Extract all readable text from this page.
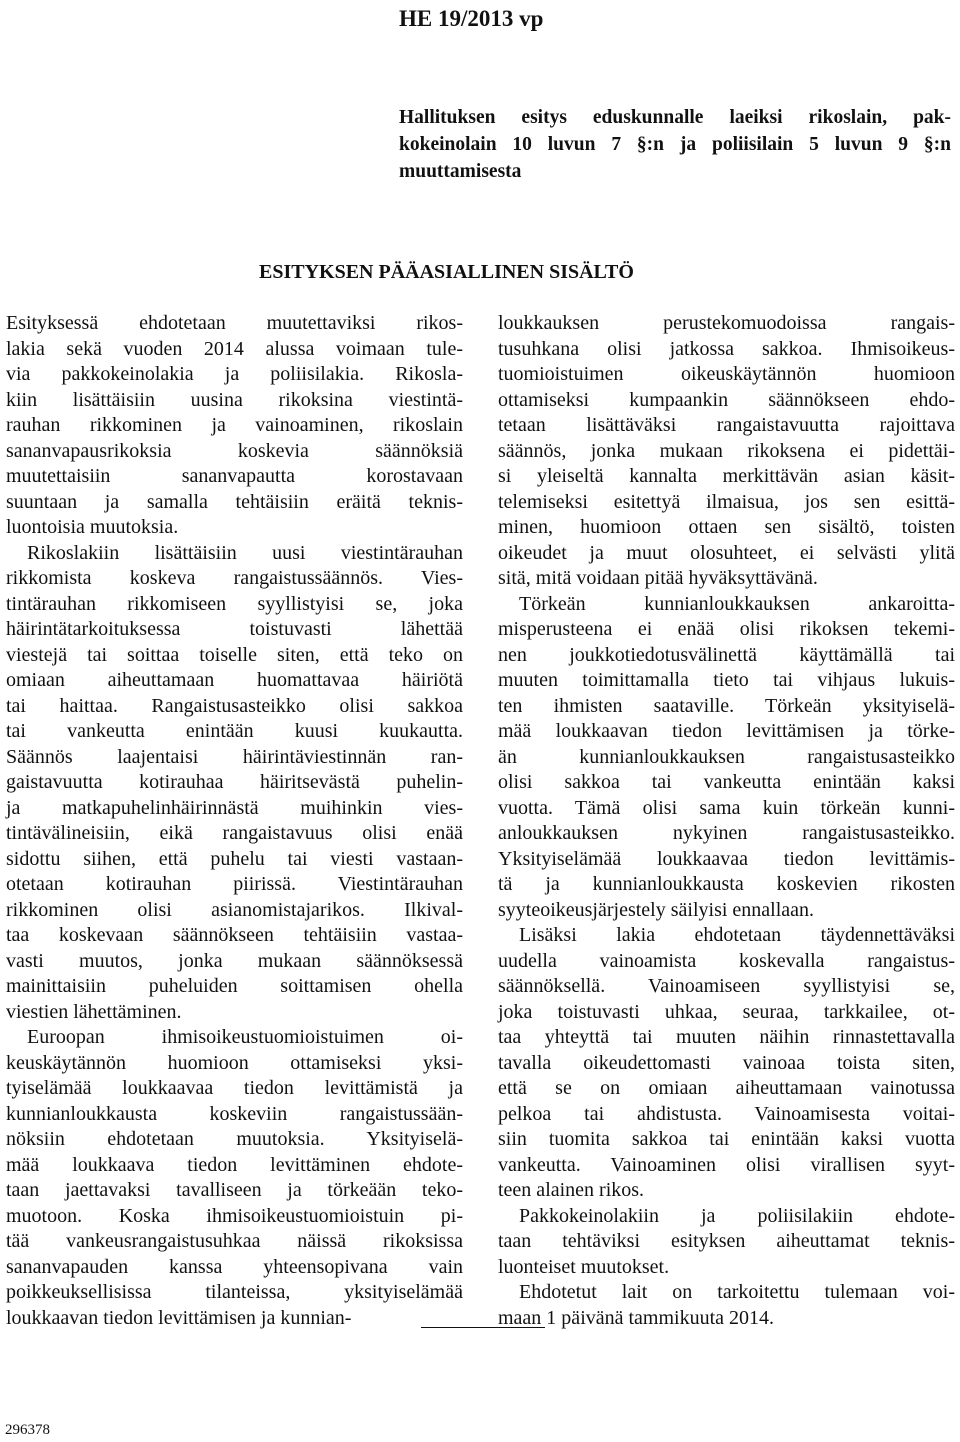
HE 19/2013 vp
Hallituksen esitys eduskunnalle laeiksi rikoslain, pak-
kokeinolain 10 luvun 7 §:n ja poliisilain 5 luvun 9 §:n
muuttamisesta
ESITYKSEN PÄÄASIALLINEN SISÄLTÖ
Esityksessä ehdotetaan muutettaviksi rikos-
lakia sekä vuoden 2014 alussa voimaan tule-
via pakkokeinolakia ja poliisilakia. Rikosla-
kiin lisättäisiin uusina rikoksina viestintä-
rauhan rikkominen ja vainoaminen, rikoslain
sananvapausrikoksia koskevia säännöksiä
muutettaisiin sananvapautta korostavaan
suuntaan ja samalla tehtäisiin eräitä teknis-
luontoisia muutoksia.
Rikoslakiin lisättäisiin uusi viestintärauhan
rikkomista koskeva rangaistussäännös. Vies-
tintärauhan rikkomiseen syyllistyisi se, joka
häirintätarkoituksessa toistuvasti lähettää
viestejä tai soittaa toiselle siten, että teko on
omiaan aiheuttamaan huomattavaa häiriötä
tai haittaa. Rangaistusasteikko olisi sakkoa
tai vankeutta enintään kuusi kuukautta.
Säännös laajentaisi häirintäviestinnän ran-
gaistavuutta kotirauhaa häiritsevästä puhelin-
ja matkapuhelinhäirinnästä muihinkin vies-
tintävälineisiin, eikä rangaistavuus olisi enää
sidottu siihen, että puhelu tai viesti vastaan-
otetaan kotirauhan piirissä. Viestintärauhan
rikkominen olisi asianomistajarikos. Ilkival-
taa koskevaan säännökseen tehtäisiin vastaa-
vasti muutos, jonka mukaan säännöksessä
mainittaisiin puheluiden soittamisen ohella
viestien lähettäminen.
Euroopan ihmisoikeustuomioistuimen oi-
keuskäytännön huomioon ottamiseksi yksi-
tyiselämää loukkaavaa tiedon levittämistä ja
kunnianloukkausta koskeviin rangaistussään-
nöksiin ehdotetaan muutoksia. Yksityiselä-
mää loukkaava tiedon levittäminen ehdote-
taan jaettavaksi tavalliseen ja törkeään teko-
muotoon. Koska ihmisoikeustuomioistuin pi-
tää vankeusrangaistusuhkaa näissä rikoksissa
sananvapauden kanssa yhteensopivana vain
poikkeuksellisissa tilanteissa, yksityiselämää
loukkaavan tiedon levittämisen ja kunnian-
loukkauksen perustekomuodoissa rangais-
tusuhkana olisi jatkossa sakkoa. Ihmisoikeus-
tuomioistuimen oikeuskäytännön huomioon
ottamiseksi kumpaankin säännökseen ehdo-
tetaan lisättäväksi rangaistavuutta rajoittava
säännös, jonka mukaan rikoksena ei pidettäi-
si yleiseltä kannalta merkittävän asian käsit-
telemiseksi esitettyä ilmaisua, jos sen esittä-
minen, huomioon ottaen sen sisältö, toisten
oikeudet ja muut olosuhteet, ei selvästi ylitä
sitä, mitä voidaan pitää hyväksyttävänä.
Törkeän kunnianloukkauksen ankaroitta-
misperusteena ei enää olisi rikoksen tekemi-
nen joukkotiedotusvälinettä käyttämällä tai
muuten toimittamalla tieto tai vihjaus lukuis-
ten ihmisten saataville. Törkeän yksityiselä-
mää loukkaavan tiedon levittämisen ja törke-
än kunnianloukkauksen rangaistusasteikko
olisi sakkoa tai vankeutta enintään kaksi
vuotta. Tämä olisi sama kuin törkeän kunni-
anloukkauksen nykyinen rangaistusasteikko.
Yksityiselämää loukkaavaa tiedon levittämis-
tä ja kunnianloukkausta koskevien rikosten
syyteoikeusjärjestely säilyisi ennallaan.
Lisäksi lakia ehdotetaan täydennettäväksi
uudella vainoamista koskevalla rangaistus-
säännöksellä. Vainoamiseen syyllistyisi se,
joka toistuvasti uhkaa, seuraa, tarkkailee, ot-
taa yhteyttä tai muuten näihin rinnastettavalla
tavalla oikeudettomasti vainoaa toista siten,
että se on omiaan aiheuttamaan vainotussa
pelkoa tai ahdistusta. Vainoamisesta voitai-
siin tuomita sakkoa tai enintään kaksi vuotta
vankeutta. Vainoaminen olisi virallisen syyt-
teen alainen rikos.
Pakkokeinolakiin ja poliisilakiin ehdote-
taan tehtäviksi esityksen aiheuttamat teknis-
luonteiset muutokset.
Ehdotetut lait on tarkoitettu tulemaan voi-
maan 1 päivänä tammikuuta 2014.
296378
